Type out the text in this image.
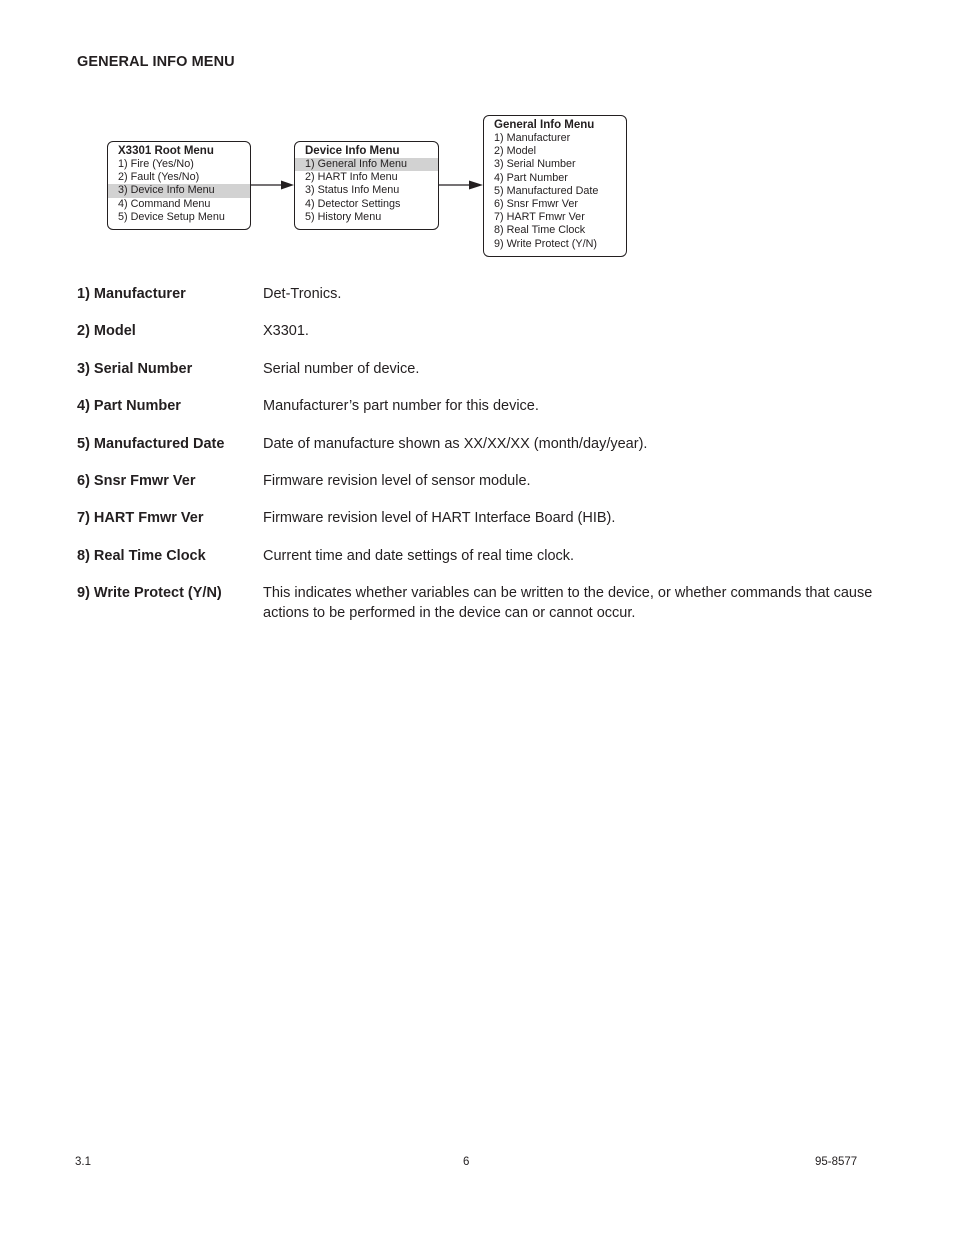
GENERAL INFO MENU
X3301 Root Menu
1) Fire (Yes/No)
2) Fault (Yes/No)
3) Device Info Menu
4) Command Menu
5) Device Setup Menu
Device Info Menu
1) General Info Menu
2) HART Info Menu
3) Status Info Menu
4) Detector Settings
5) History Menu
General Info Menu
1) Manufacturer
2) Model
3) Serial Number
4) Part Number
5) Manufactured Date
6) Snsr Fmwr Ver
7) HART Fmwr Ver
8) Real Time Clock
9) Write Protect (Y/N)
1) Manufacturer	Det-Tronics.
2) Model	X3301.
3) Serial Number	Serial number of device.
4) Part Number	Manufacturer’s part number for this device.
5) Manufactured Date	Date of manufacture shown as XX/XX/XX (month/day/year).
6) Snsr Fmwr Ver	Firmware revision level of sensor module.
7) HART Fmwr Ver	Firmware revision level of HART Interface Board (HIB).
8) Real Time Clock	Current time and date settings of real time clock.
9) Write Protect (Y/N)	This indicates whether variables can be written to the device, or whether commands that cause actions to be performed in the device can or cannot occur.
3.1	6	95-8577
